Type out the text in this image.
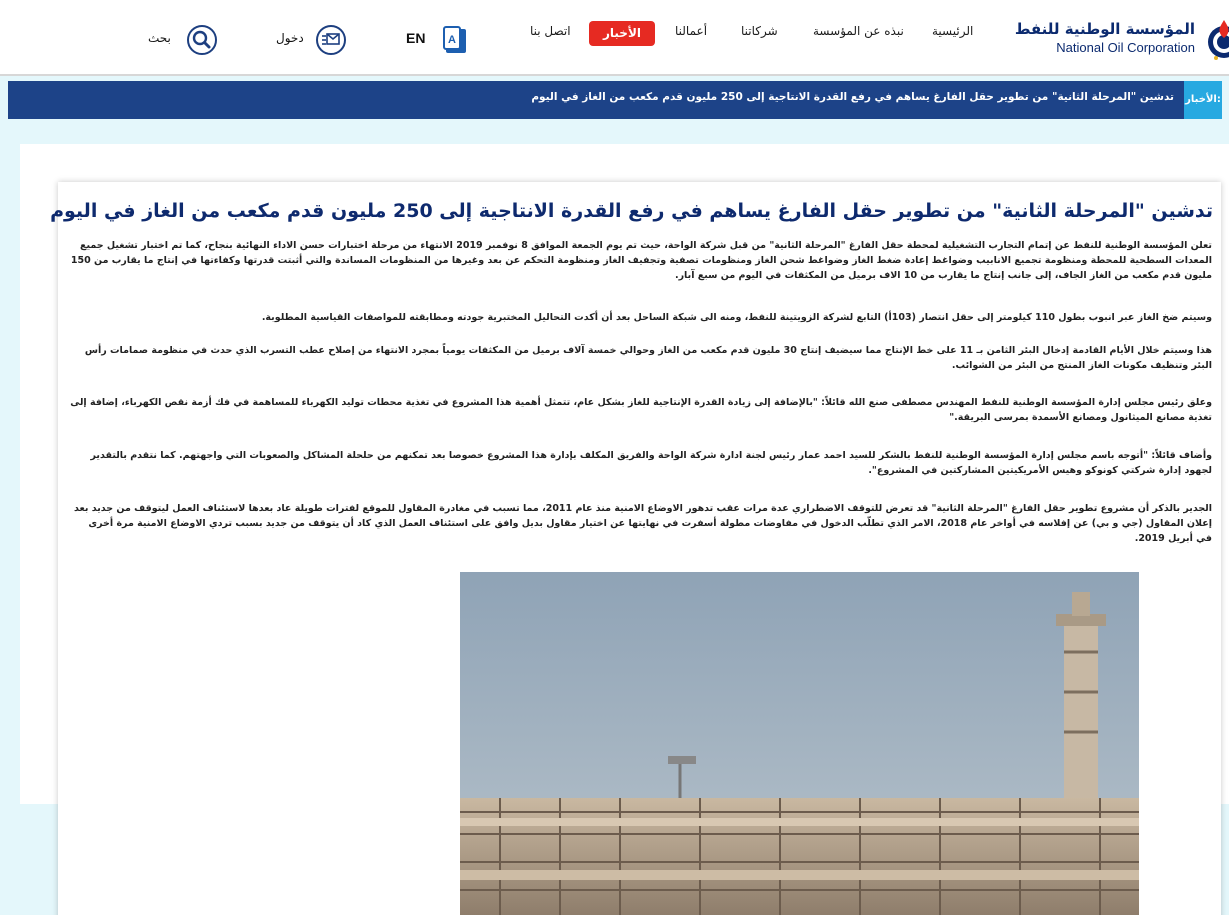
المؤسسة الوطنية للنفط
National Oil Corporation
الرئيسية
نبذه عن المؤسسة
شركاتنا
أعمالنا
الأخبار
اتصل بنا
A
EN
دخول
بحث
الأخبار:
تدشين "المرحلة الثانية" من تطوير حقل الفارغ يساهم في رفع القدرة الانتاجية إلى 250 مليون قدم مكعب من الغاز في اليوم
تدشين "المرحلة الثانية" من تطوير حقل الفارغ يساهم في رفع القدرة الانتاجية إلى 250 مليون قدم مكعب من الغاز في اليوم

تعلن المؤسسة الوطنية للنفط عن إتمام التجارب التشغيلية لمحطة حقل الفارغ "المرحلة الثانية" من قبل شركة الواحة، حيث تم يوم الجمعة الموافق 8 نوفمبر 2019 الانتهاء من مرحلة اختبارات حسن الاداء النهائية بنجاح، كما تم اختبار تشغيل جميع المعدات السطحية للمحطة ومنظومة تجميع الانابيب وضواغط إعادة ضغط الغاز وضواغط شحن الغاز ومنظومات تصفية وتجفيف الغاز ومنظومة التحكم عن بعد وغيرها من المنظومات المساندة والتي أثبتت قدرتها وكفاءتها في إنتاج ما يقارب من 150 مليون قدم مكعب من الغاز الجاف، إلى جانب إنتاج ما يقارب من 10 الاف برميل من المكثفات في اليوم من سبع آبار.

وسيتم ضخ الغاز عبر انبوب بطول 110 كيلومتر إلى حقل انتصار (103أ) التابع لشركة الزويتينة للنفط، ومنه الى شبكة الساحل بعد أن أكدت التحاليل المختبرية جودته ومطابقته للمواصفات القياسية المطلوبة.

هذا وسيتم خلال الأيام القادمة إدخال البئر الثامن بـ 11 على خط الإنتاج مما سيضيف إنتاج 30 مليون قدم مكعب من الغاز وحوالي خمسة آلاف برميل من المكثفات يومياً بمجرد الانتهاء من إصلاح عطب التسرب الذي حدث في منظومة صمامات رأس البئر وتنظيف مكونات الغاز المنتج من البئر من الشوائب.

وعلق رئيس مجلس إدارة المؤسسة الوطنية للنفط المهندس مصطفى صنع الله قائلاً: "بالإضافة إلى زيادة القدرة الإنتاجية للغاز بشكل عام، تتمثل أهمية هذا المشروع في تغذية محطات توليد الكهرباء للمساهمة في فك أزمة نقص الكهرباء، إضافة إلى تغذية مصانع الميثانول ومصانع الأسمدة بمرسى البريقة."

وأضاف قائلاً: "أتوجه باسم مجلس إدارة المؤسسة الوطنية للنفط بالشكر للسيد احمد عمار رئيس لجنة ادارة شركة الواحة والفريق المكلف بإدارة هذا المشروع خصوصا بعد تمكنهم من حلحلة المشاكل والصعوبات التي واجهتهم. كما نتقدم بالتقدير لجهود إدارة شركتي كونوكو وهيس الأمريكيتين المشاركتين في المشروع".

الجدير بالذكر أن مشروع تطوير حقل الفارغ "المرحلة الثانية" قد تعرض للتوقف الاضطراري عدة مرات عقب تدهور الاوضاع الامنية منذ عام 2011، مما تسبب في مغادرة المقاول للموقع لفترات طويلة عاد بعدها لاستئناف العمل ليتوقف من جديد بعد إعلان المقاول (جي و بي) عن إفلاسه في أواخر عام 2018، الامر الذي تطلّب الدخول في مفاوضات مطولة أسفرت في نهايتها عن اختيار مقاول بديل وافق على استئناف العمل الذي كاد أن يتوقف من جديد بسبب تردي الاوضاع الامنية مرة أخرى في أبريل 2019.
